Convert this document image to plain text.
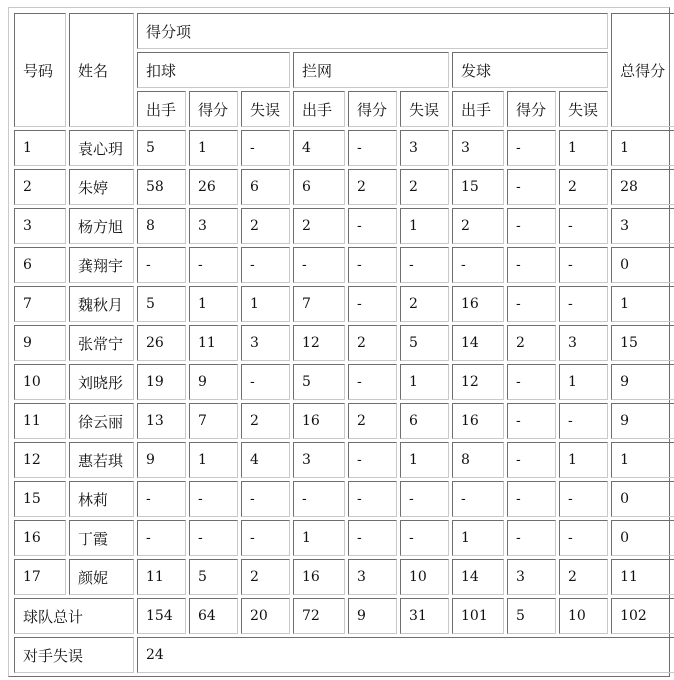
号码	姓名	得分项									总得分
		扣球			拦网			发球			
		出手	得分	失误	出手	得分	失误	出手	得分	失误	
1	袁心玥	5	1	-	4	-	3	3	-	1	1
2	朱婷	58	26	6	6	2	2	15	-	2	28
3	杨方旭	8	3	2	2	-	1	2	-	-	3
6	龚翔宇	-	-	-	-	-	-	-	-	-	0
7	魏秋月	5	1	1	7	-	2	16	-	-	1
9	张常宁	26	11	3	12	2	5	14	2	3	15
10	刘晓彤	19	9	-	5	-	1	12	-	1	9
11	徐云丽	13	7	2	16	2	6	16	-	-	9
12	惠若琪	9	1	4	3	-	1	8	-	1	1
15	林莉	-	-	-	-	-	-	-	-	-	0
16	丁霞	-	-	-	1	-	-	1	-	-	0
17	颜妮	11	5	2	16	3	10	14	3	2	11
球队总计		154	64	20	72	9	31	101	5	10	102
对手失误		24									
